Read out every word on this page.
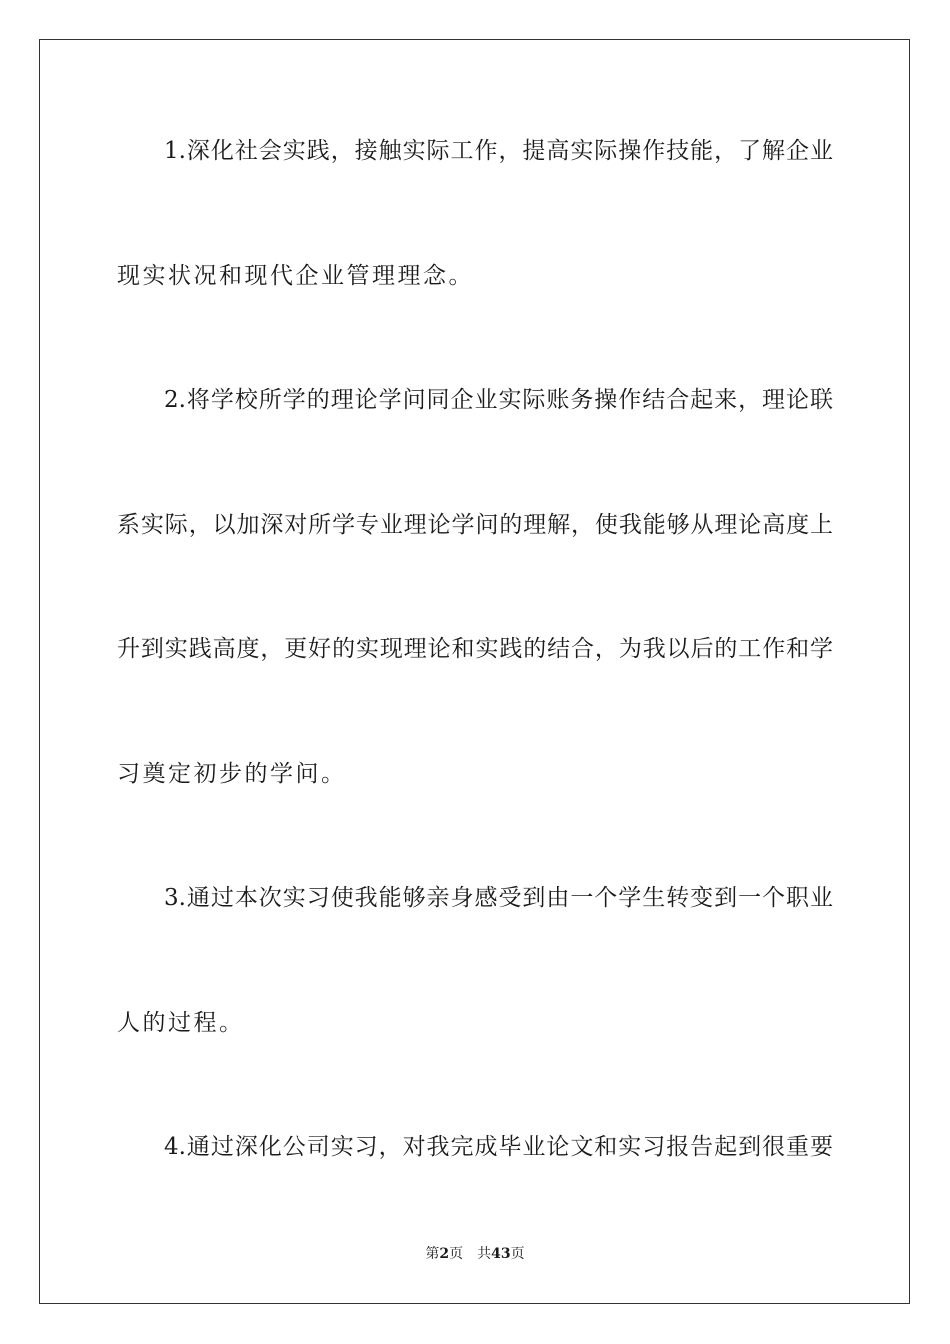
1.深化社会实践，接触实际工作，提高实际操作技能，了解企业
现实状况和现代企业管理理念。
2.将学校所学的理论学问同企业实际账务操作结合起来，理论联
系实际，以加深对所学专业理论学问的理解，使我能够从理论高度上
升到实践高度，更好的实现理论和实践的结合，为我以后的工作和学
习奠定初步的学问。
3.通过本次实习使我能够亲身感受到由一个学生转变到一个职业
人的过程。
4.通过深化公司实习，对我完成毕业论文和实习报告起到很重要
第2页 共43页
